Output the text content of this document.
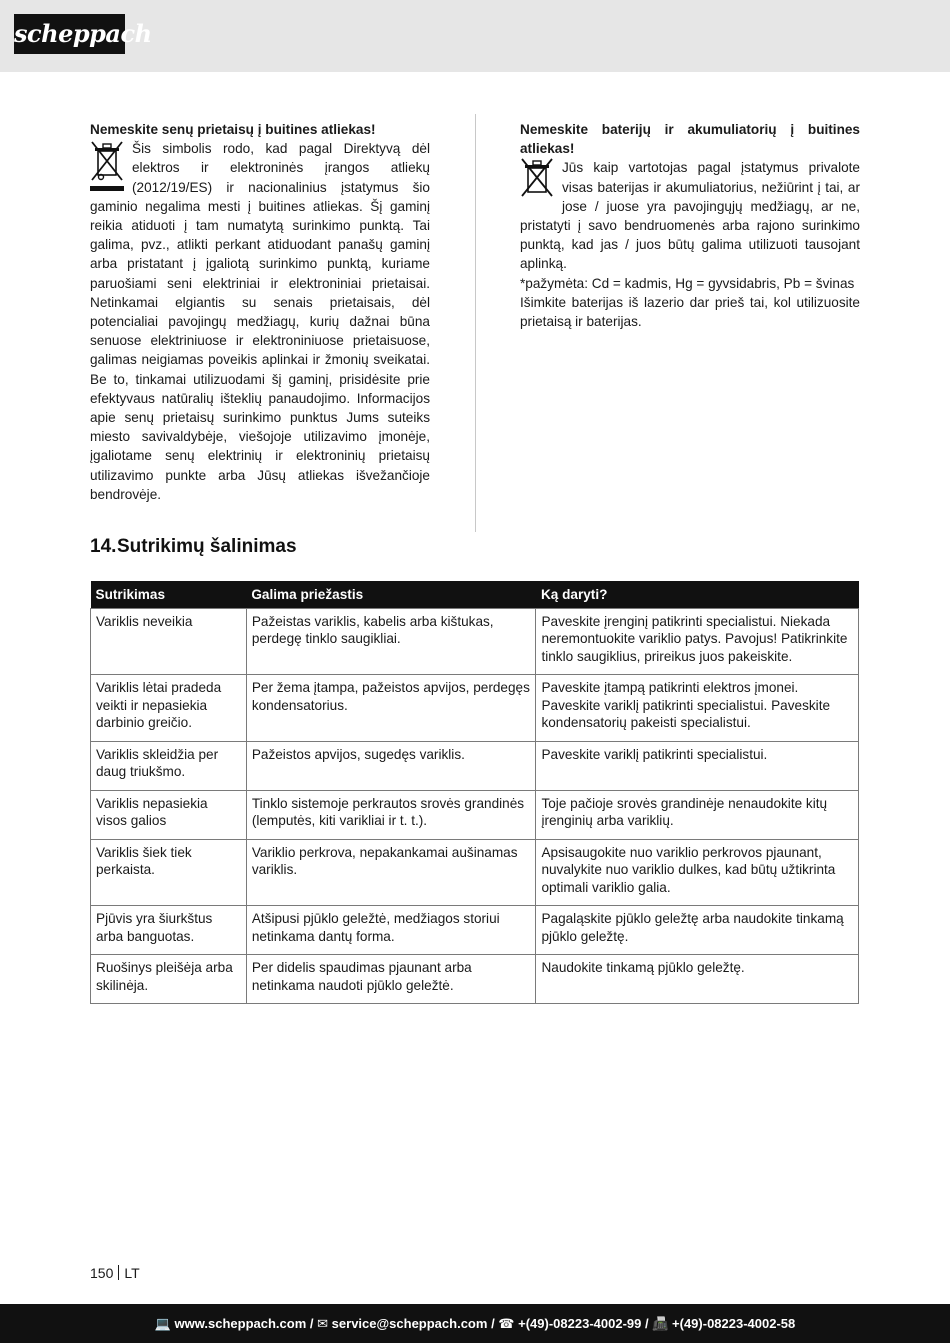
scheppach

Nemeskite senų prietaisų į buitines atliekas!

Šis simbolis rodo, kad pagal Direktyvą dėl elektros ir elektroninės įrangos atliekų (2012/19/ES) ir nacionalinius įstatymus šio gaminio negalima mesti į buitines atliekas. Šį gaminį reikia atiduoti į tam numatytą surinkimo punktą. Tai galima, pvz., atlikti perkant atiduodant panašų gaminį arba pristatant į įgaliotą surinkimo punktą, kuriame paruošiami seni elektriniai ir elektroniniai prietaisai. Netinkamai elgiantis su senais prietaisais, dėl potencialiai pavojingų medžiagų, kurių dažnai būna senuose elektriniuose ir elektroniniuose prietaisuose, galimas neigiamas poveikis aplinkai ir žmonių sveikatai. Be to, tinkamai utilizuodami šį gaminį, prisidėsite prie efektyvaus natūralių išteklių panaudojimo. Informacijos apie senų prietaisų surinkimo punktus Jums suteiks miesto savivaldybėje, viešojoje utilizavimo įmonėje, įgaliotame senų elektrinių ir elektroninių prietaisų utilizavimo punkte arba Jūsų atliekas išvežančioje bendrovėje.

Nemeskite baterijų ir akumuliatorių į buitines atliekas!

Jūs kaip vartotojas pagal įstatymus privalote visas baterijas ir akumuliatorius, nežiūrint į tai, ar jose / juose yra pavojingųjų medžiagų, ar ne, pristatyti į savo bendruomenės arba rajono surinkimo punktą, kad jas / juos būtų galima utilizuoti tausojant aplinką.

*pažymėta: Cd = kadmis, Hg = gyvsidabris, Pb = švinas

Išimkite baterijas iš lazerio dar prieš tai, kol utilizuosite prietaisą ir baterijas.

14.Sutrikimų šalinimas
Sutrikimas	Galima priežastis	Ką daryti?
Variklis neveikia	Pažeistas variklis, kabelis arba kištukas, perdegę tinklo saugikliai.	Paveskite įrenginį patikrinti specialistui. Niekada neremontuokite variklio patys. Pavojus! Patikrinkite tinklo saugiklius, prireikus juos pakeiskite.
Variklis lėtai pradeda veikti ir nepasiekia darbinio greičio.	Per žema įtampa, pažeistos apvijos, perdegęs kondensatorius.	Paveskite įtampą patikrinti elektros įmonei. Paveskite variklį patikrinti specialistui. Paveskite kondensatorių pakeisti specialistui.
Variklis skleidžia per daug triukšmo.	Pažeistos apvijos, sugedęs variklis.	Paveskite variklį patikrinti specialistui.
Variklis nepasiekia visos galios	Tinklo sistemoje perkrautos srovės grandinės (lemputės, kiti varikliai ir t. t.).	Toje pačioje srovės grandinėje nenaudokite kitų įrenginių arba variklių.
Variklis šiek tiek perkaista.	Variklio perkrova, nepakankamai aušinamas variklis.	Apsisaugokite nuo variklio perkrovos pjaunant, nuvalykite nuo variklio dulkes, kad būtų užtikrinta optimali variklio galia.
Pjūvis yra šiurkštus arba banguotas.	Atšipusi pjūklo geležtė, medžiagos storiui netinkama dantų forma.	Pagaląskite pjūklo geležtę arba naudokite tinkamą pjūklo geležtę.
Ruošinys pleišėja arba skilinėja.	Per didelis spaudimas pjaunant arba netinkama naudoti pjūklo geležtė.	Naudokite tinkamą pjūklo geležtę.
150 LT
💻 www.scheppach.com / ✉ service@scheppach.com / ☎ +(49)-08223-4002-99 / 📠 +(49)-08223-4002-58
